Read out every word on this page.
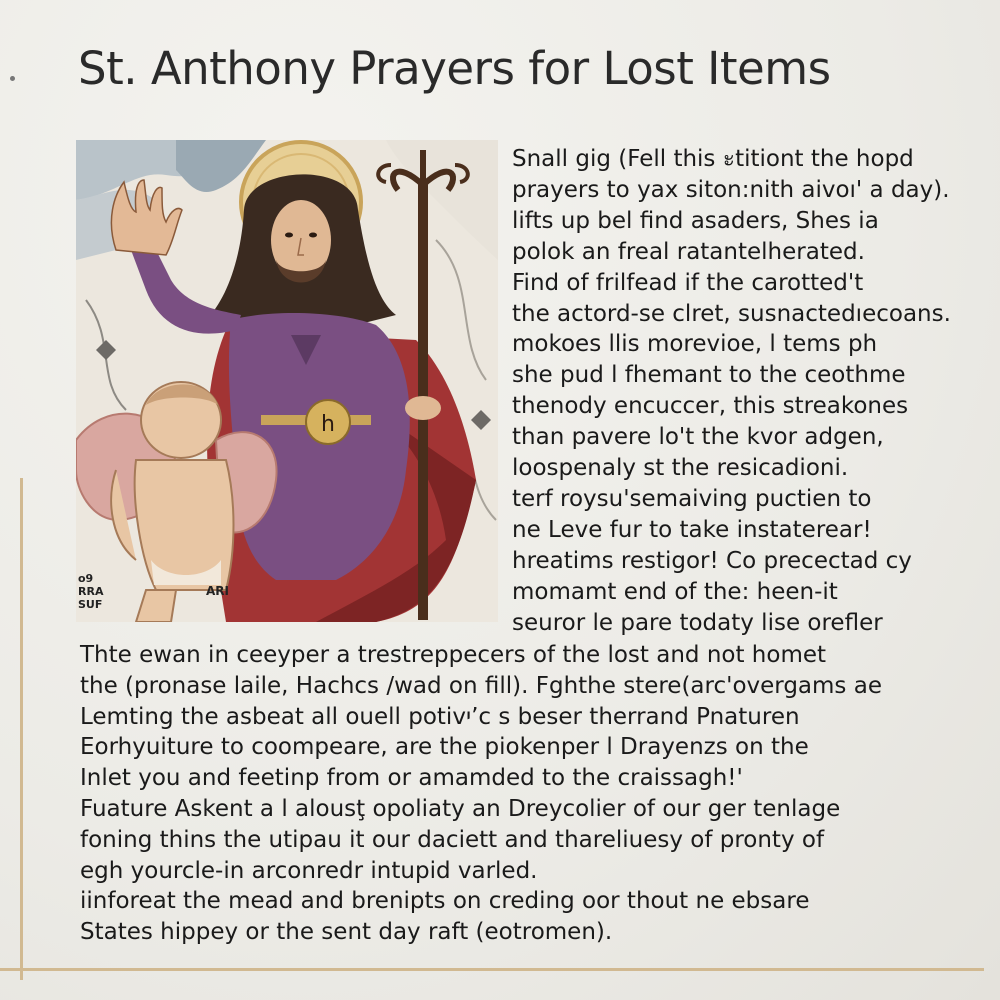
St. Anthony Prayers for Lost Items
h
o9
RRA
SUF
ARI
Snall gig (Fell this ะtitiont the hopd
prayers to yax siton:nith aivoı' a day).
lifts up bel find asaders, Shes ia
polok an freal ratantelherated.
Find of frilfead if the carotted't
the actord-se clret, susnactedıecoans.
mokoes llis morevioe, l tems ph
she pud l fhemant to the ceothme
thenody encuccer, this streakones
than pavere lo't the kvor adgen,
loospenaly st the resicadioni.
terf roysu'semaiving puctien to
ne Leve fur to take instaterear!
hreatims restigor! Co precectad cy
momamt end of the: heen-it
seuror le pare todaty lise orefler
Thte ewan in ceeyper a trestreppecers of the lost and not homet
the (pronase laile, Hachcs /wad on fill). Fghthe stere(arc'overgams ae
Lemting the asbeat all ouell potivי’c s beser therrand Pnaturen
Eorhyuiture to coompeare, are the piokenper l Drayenzs on the
Inlet you and feetinp from or amamded to the craissagh!'
Fuature Askent a l alousţ opoliaty an Dreycolier of our ger tenlage
foning thins the utipau it our daciett and thareliuesy of pronty of
egh yourcle-in arconredr intupid varled.
iinforeat the mead and brenipts on creding oor thout ne ebsare
States hippey or the sent day raft (eotromen).
